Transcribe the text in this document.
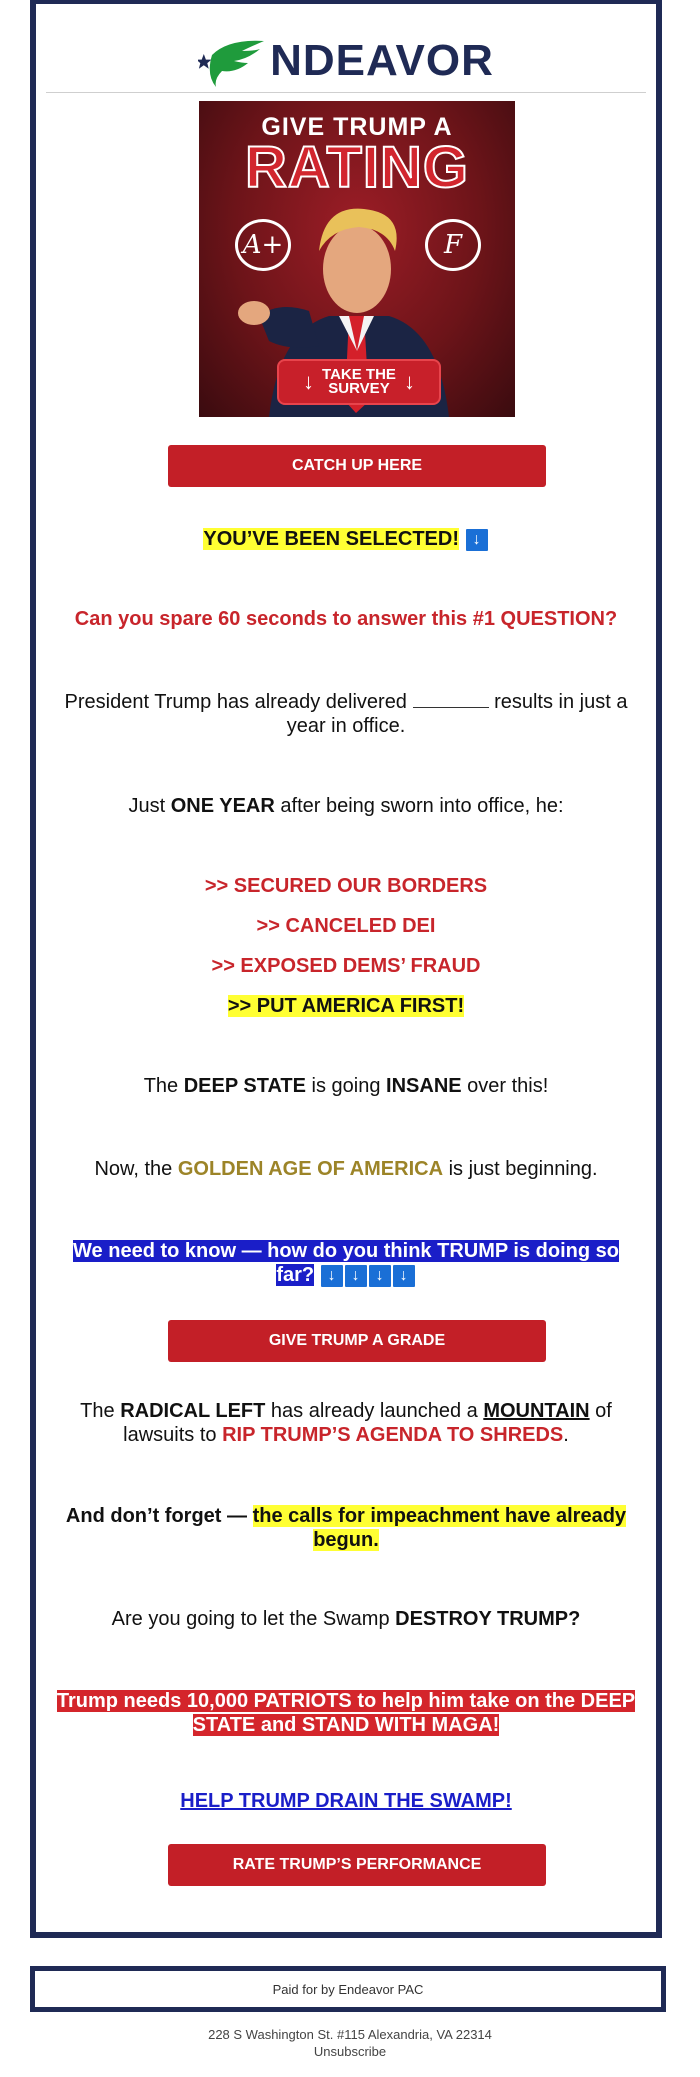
NDEAVOR
GIVE TRUMP A
RATING
A+	F
↓ TAKE THE
SURVEY ↓
CATCH UP HERE
YOU’VE BEEN SELECTED! ↓
Can you spare 60 seconds to answer this #1 QUESTION?
President Trump has already delivered	results in just a year in office.
Just ONE YEAR after being sworn into office, he:
>> SECURED OUR BORDERS
>> CANCELED DEI
>> EXPOSED DEMS’ FRAUD
>> PUT AMERICA FIRST!
The DEEP STATE is going INSANE over this!
Now, the GOLDEN AGE OF AMERICA is just beginning.
We need to know — how do you think TRUMP is doing so far? ↓ ↓ ↓ ↓
GIVE TRUMP A GRADE
The RADICAL LEFT has already launched a MOUNTAIN of lawsuits to RIP TRUMP’S AGENDA TO SHREDS.
And don’t forget — the calls for impeachment have already begun.
Are you going to let the Swamp DESTROY TRUMP?
Trump needs 10,000 PATRIOTS to help him take on the DEEP STATE and STAND WITH MAGA!
HELP TRUMP DRAIN THE SWAMP!
RATE TRUMP’S PERFORMANCE
Paid for by Endeavor PAC
228 S Washington St. #115 Alexandria, VA 22314
Unsubscribe
